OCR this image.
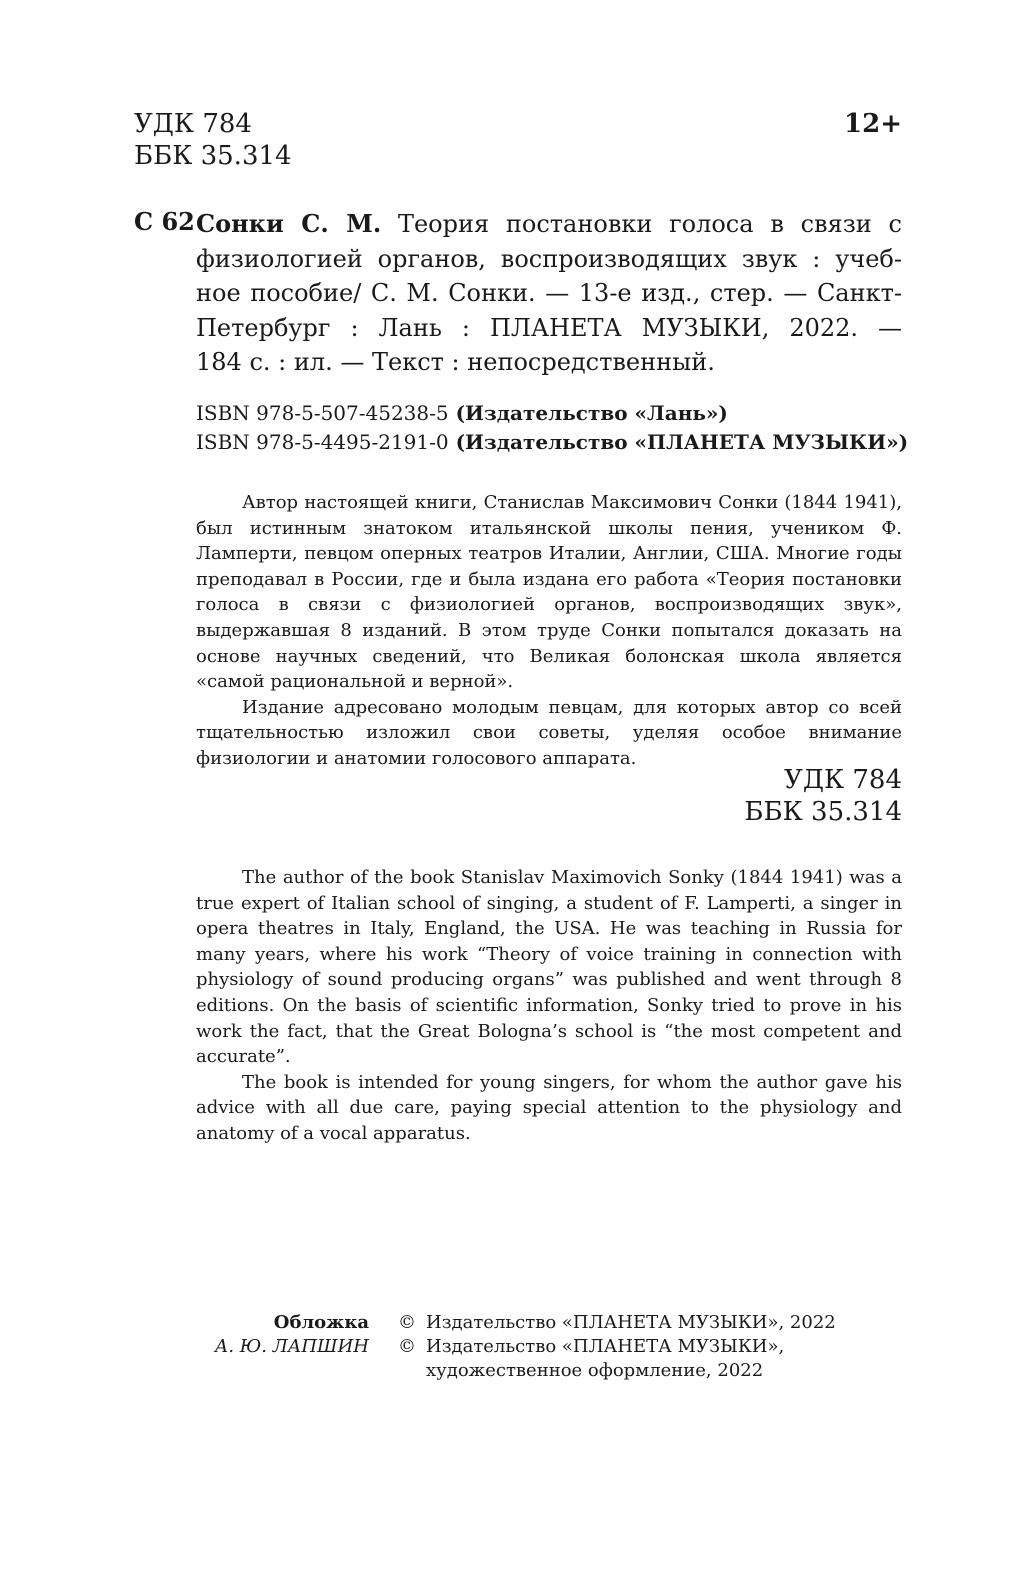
УДК 784
ББК 35.314
12+
С 62 Сонки С. М. Теория постановки голоса в связи с
физиологией органов, воспроизводящих звук : учеб-
ное пособие/ С. М. Сонки. — 13-е изд., стер. — Санкт-
Петербург : Лань : ПЛАНЕТА МУЗЫКИ, 2022. —
184 с. : ил. — Текст : непосредственный.
ISBN 978-5-507-45238-5 (Издательство «Лань»)
ISBN 978-5-4495-2191-0 (Издательство «ПЛАНЕТА МУЗЫКИ»)

Автор настоящей книги, Станислав Максимович Сонки (1844 1941), был истинным знатоком итальянской школы пения, учеником Ф. Ламперти, певцом оперных театров Италии, Англии, США. Многие годы преподавал в России, где и была издана его работа «Теория постановки голоса в связи с физиологией органов, воспроизводящих звук», выдержавшая 8 изданий. В этом труде Сонки попытался доказать на основе научных сведений, что Великая болонская школа является «самой рациональной и верной».

Издание адресовано молодым певцам, для которых автор со всей тщательностью изложил свои советы, уделяя особое внимание физиологии и анатомии голосового аппарата.

УДК 784
ББК 35.314

The author of the book Stanislav Maximovich Sonky (1844 1941) was a true expert of Italian school of singing, a student of F. Lamperti, a singer in opera theatres in Italy, England, the USA. He was teaching in Russia for many years, where his work “Theory of voice training in connection with physiology of sound producing organs” was published and went through 8 editions. On the basis of scientific information, Sonky tried to prove in his work the fact, that the Great Bologna’s school is “the most competent and accurate”.

The book is intended for young singers, for whom the author gave his advice with all due care, paying special attention to the physiology and anatomy of a vocal apparatus.

Обложка
А. Ю. ЛАПШИН
© Издательство «ПЛАНЕТА МУЗЫКИ», 2022
© Издательство «ПЛАНЕТА МУЗЫКИ»,
художественное оформление, 2022
